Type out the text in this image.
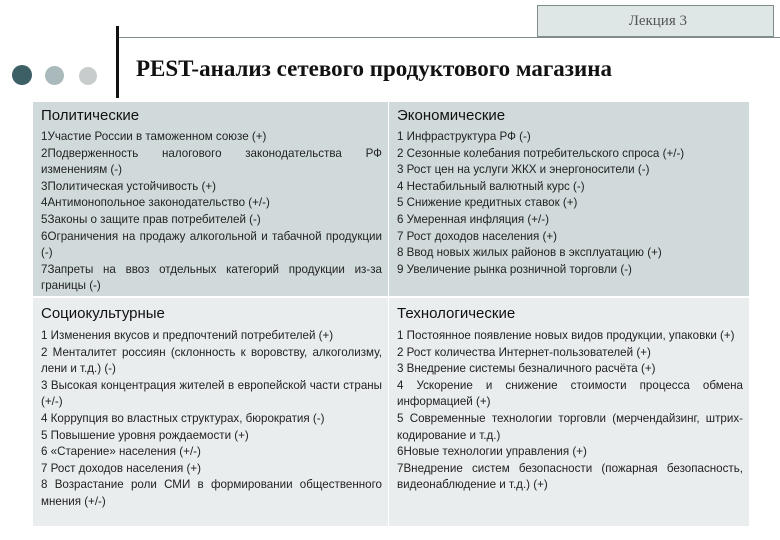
Лекция 3
PEST-анализ сетевого продуктового магазина
Политические
1Участие России в таможенном союзе (+)
2Подверженность налогового законодательства РФ изменениям (-)
3Политическая устойчивость (+)
4Антимонопольное законодательство (+/-)
5Законы о защите прав потребителей (-)
6Ограничения на продажу алкогольной и табачной продукции (-)
7Запреты на ввоз отдельных категорий продукции из-за границы (-)
Экономические
1 Инфраструктура РФ (-)
2 Сезонные колебания потребительского спроса (+/-)
3 Рост цен на услуги ЖКХ и энергоносители (-)
4 Нестабильный валютный курс (-)
5 Снижение кредитных ставок (+)
6 Умеренная инфляция (+/-)
7 Рост доходов населения (+)
8 Ввод новых жилых районов в эксплуатацию (+)
9 Увеличение рынка розничной торговли (-)
Социокультурные
1 Изменения вкусов и предпочтений потребителей (+)
2 Менталитет россиян (склонность к воровству, алкоголизму, лени и т.д.) (-)
3 Высокая концентрация жителей в европейской части страны (+/-)
4 Коррупция во властных структурах, бюрократия (-)
5 Повышение уровня рождаемости (+)
6 «Старение» населения (+/-)
7 Рост доходов населения (+)
8 Возрастание роли СМИ в формировании общественного мнения (+/-)
Технологические
1 Постоянное появление новых видов продукции, упаковки (+)
2 Рост количества Интернет-пользователей (+)
3 Внедрение системы безналичного расчёта (+)
4 Ускорение и снижение стоимости процесса обмена информацией (+)
5 Современные технологии торговли (мерчендайзинг, штрих-кодирование и т.д.)
6Новые технологии управления (+)
7Внедрение систем безопасности (пожарная безопасность, видеонаблюдение и т.д.) (+)
